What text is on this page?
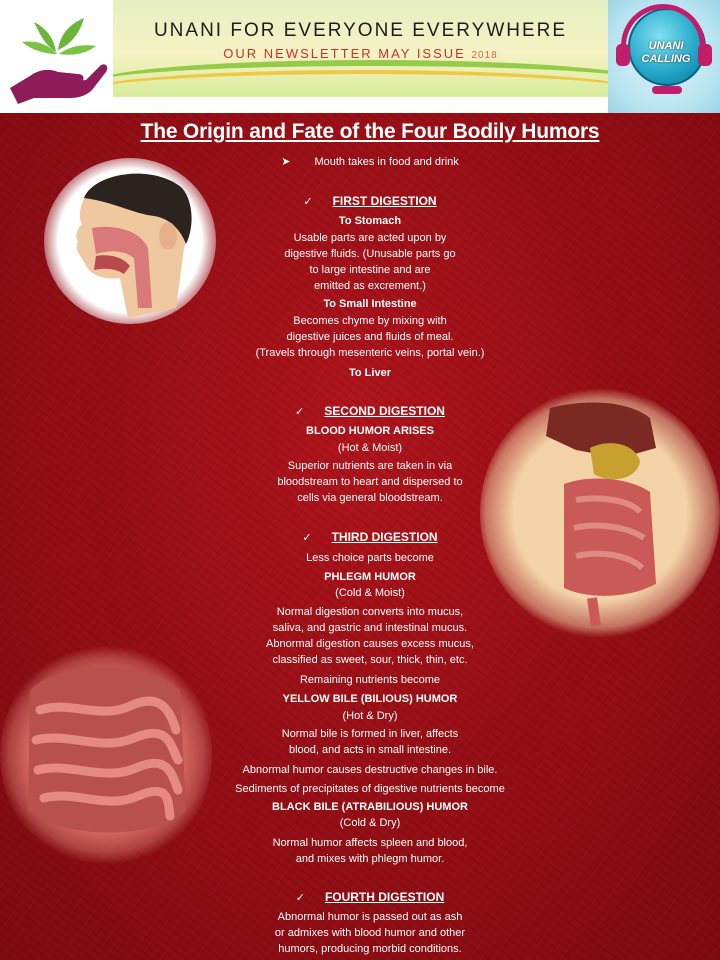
UNANI FOR EVERYONE EVERYWHERE
OUR NEWSLETTER MAY ISSUE 2018
UNANI CALLING
The Origin and Fate of the Four Bodily Humors
➤ Mouth takes in food and drink
✓ FIRST DIGESTION
To Stomach
Usable parts are acted upon by
digestive fluids. (Unusable parts go
to large intestine and are
emitted as excrement.)
To Small Intestine
Becomes chyme by mixing with
digestive juices and fluids of meal.
(Travels through mesenteric veins, portal vein.)
To Liver
✓ SECOND DIGESTION
BLOOD HUMOR ARISES
(Hot & Moist)
Superior nutrients are taken in via
bloodstream to heart and dispersed to
cells via general bloodstream.
✓ THIRD DIGESTION
Less choice parts become
PHLEGM HUMOR
(Cold & Moist)
Normal digestion converts into mucus,
saliva, and gastric and intestinal mucus.
Abnormal digestion causes excess mucus,
classified as sweet, sour, thick, thin, etc.
Remaining nutrients become
YELLOW BILE (BILIOUS) HUMOR
(Hot & Dry)
Normal bile is formed in liver, affects
blood, and acts in small intestine.
Abnormal humor causes destructive changes in bile.
Sediments of precipitates of digestive nutrients become
BLACK BILE (ATRABILIOUS) HUMOR
(Cold & Dry)
Normal humor affects spleen and blood,
and mixes with phlegm humor.
✓ FOURTH DIGESTION
Abnormal humor is passed out as ash
or admixes with blood humor and other
humors, producing morbid conditions.
